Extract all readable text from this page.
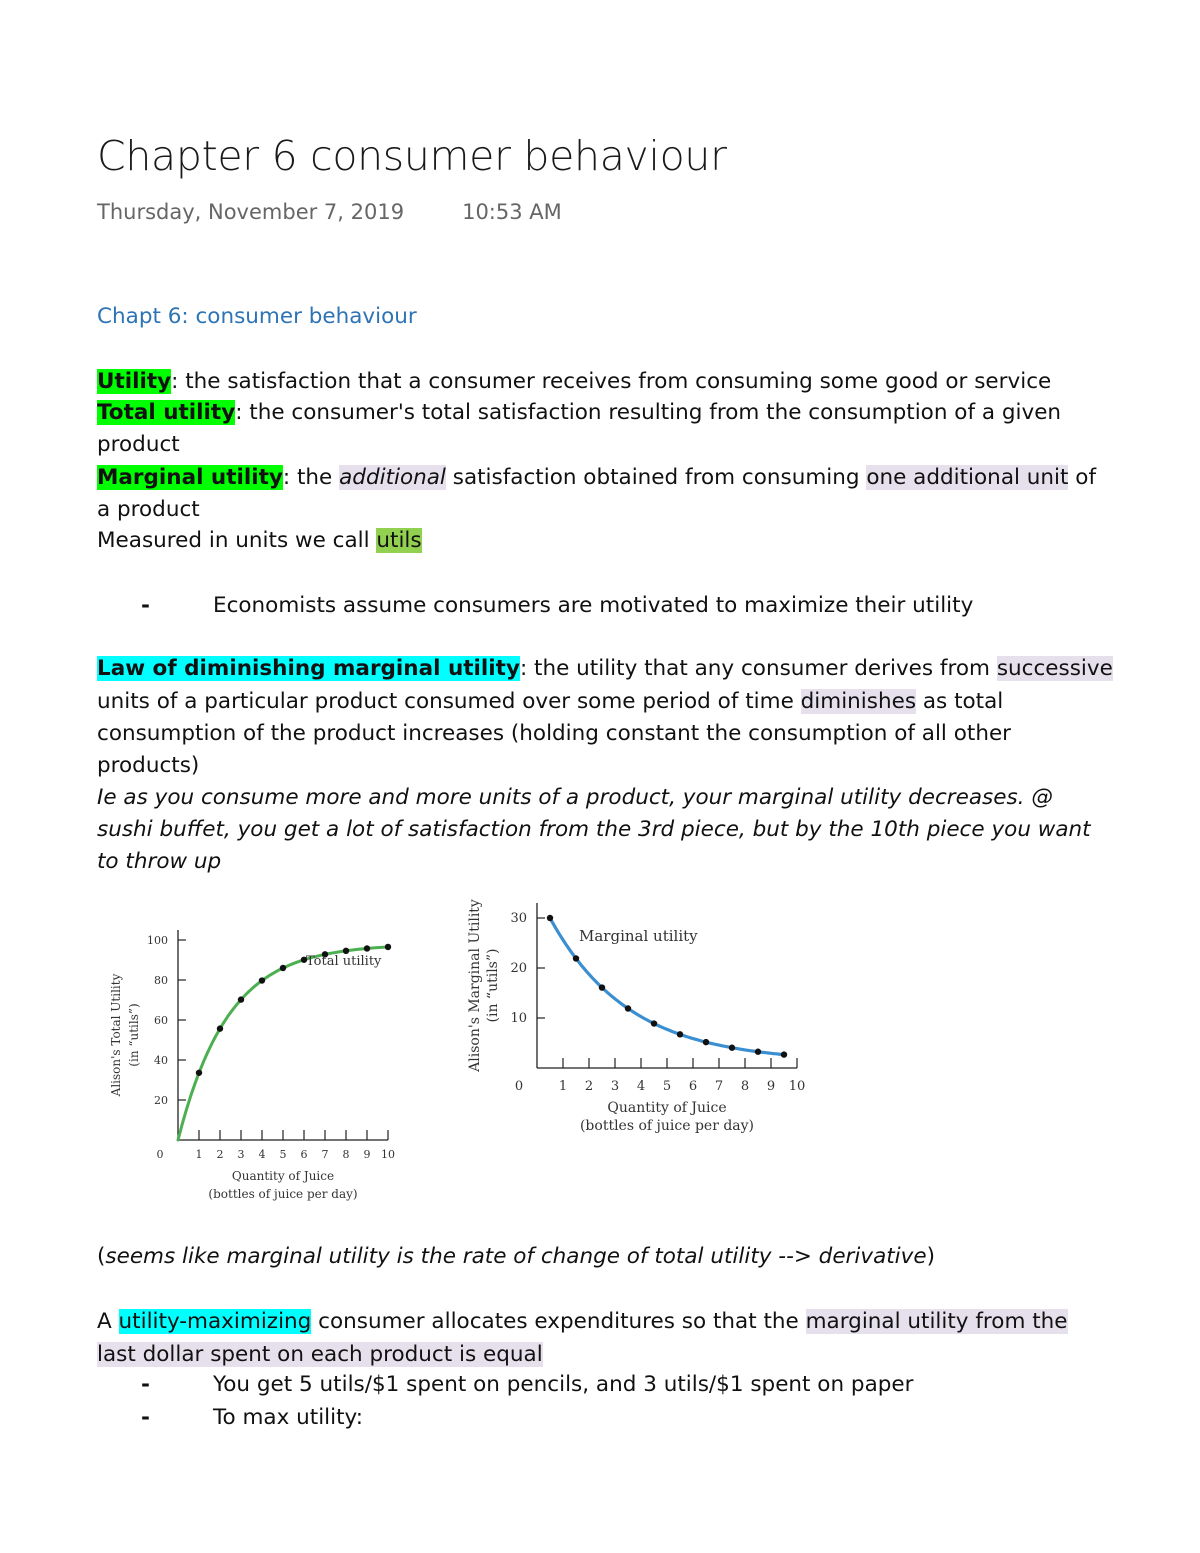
Chapter 6 consumer behaviour
Thursday, November 7, 2019	10:53 AM
Chapt 6: consumer behaviour
Utility: the satisfaction that a consumer receives from consuming some good or service
Total utility: the consumer's total satisfaction resulting from the consumption of a given
product
Marginal utility: the additional satisfaction obtained from consuming one additional unit of
a product
Measured in units we call utils
-	Economists assume consumers are motivated to maximize their utility
Law of diminishing marginal utility: the utility that any consumer derives from successive
units of a particular product consumed over some period of time diminishes as total
consumption of the product increases (holding constant the consumption of all other
products)
Ie as you consume more and more units of a product, your marginal utility decreases. @
sushi buffet, you get a lot of satisfaction from the 3rd piece, but by the 10th piece you want
to throw up
(seems like marginal utility is the rate of change of total utility --> derivative)
A utility-maximizing consumer allocates expenditures so that the marginal utility from the
last dollar spent on each product is equal
-	You get 5 utils/$1 spent on pencils, and 3 utils/$1 spent on paper
-	To max utility:
0	1 2 3 4 5 6 7 8 9 10
20
40
60
80
100
Total utility
Quantity of Juice
(bottles of juice per day)
Alison's Total Utility (in “utils”)
0	1 2 3 4 5 6 7 8 9 10
10
20
30
Marginal utility
Quantity of Juice
(bottles of juice per day)
Alison's Marginal Utility (in “utils”)
